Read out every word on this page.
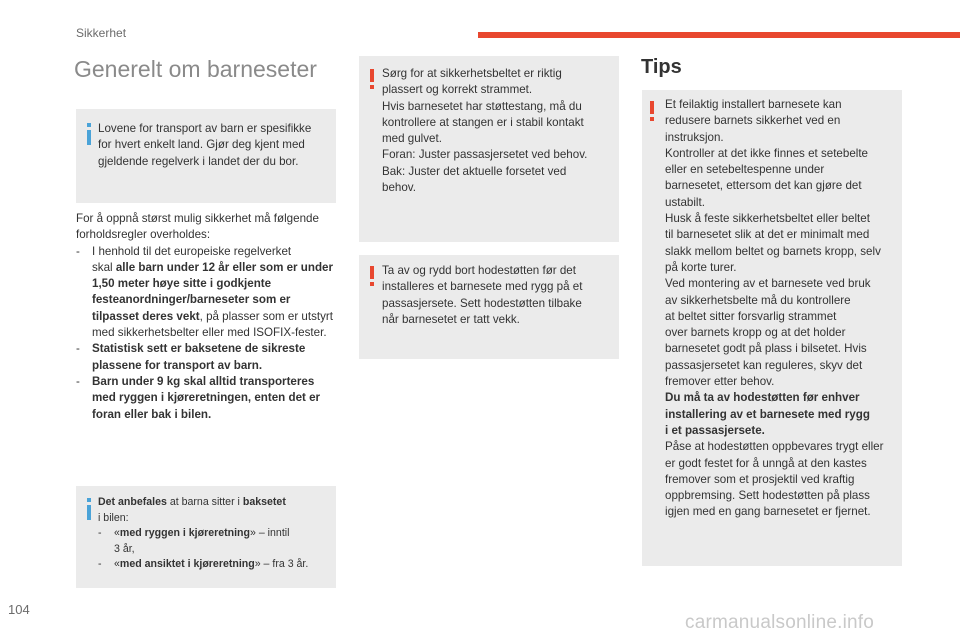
Sikkerhet
Generelt om barneseter	Tips

Lovene for transport av barn er spesifikke

for hvert enkelt land. Gjør deg kjent med

gjeldende regelverk i landet der du bor.

For å oppnå størst mulig sikkerhet må følgende

forholdsregler overholdes:

-	I henhold til det europeiske regelverket
skal alle barn under 12 år eller som er under 1,50 meter høye sitte i godkjente festeanordninger/barneseter som er tilpasset deres vekt, på plasser som er utstyrt med sikkerhetsbelter eller med ISOFIX-fester.
-	Statistisk sett er baksetene de sikreste plassene for transport av barn.
-	Barn under 9 kg skal alltid transporteres med ryggen i kjøreretningen, enten det er foran eller bak i bilen.

Det anbefales at barna sitter i baksetet

i bilen:

-	«med ryggen i kjøreretning» – inntil
3 år,
-	«med ansiktet i kjøreretning» – fra 3 år.

Sørg for at sikkerhetsbeltet er riktig

plassert og korrekt strammet.

Hvis barnesetet har støttestang, må du

kontrollere at stangen er i stabil kontakt

med gulvet.

Foran: Juster passasjersetet ved behov.

Bak: Juster det aktuelle forsetet ved

behov.

Ta av og rydd bort hodestøtten før det

installeres et barnesete med rygg på et

passasjersete. Sett hodestøtten tilbake

når barnesetet er tatt vekk.

Et feilaktig installert barnesete kan

redusere barnets sikkerhet ved en

instruksjon.

Kontroller at det ikke finnes et setebelte

eller en setebeltespenne under

barnesetet, ettersom det kan gjøre det

ustabilt.

Husk å feste sikkerhetsbeltet eller beltet

til barnesetet slik at det er minimalt med

slakk mellom beltet og barnets kropp, selv

på korte turer.

Ved montering av et barnesete ved bruk

av sikkerhetsbelte må du kontrollere

at beltet sitter forsvarlig strammet

over barnets kropp og at det holder

barnesetet godt på plass i bilsetet. Hvis

passasjersetet kan reguleres, skyv det

fremover etter behov.

Du må ta av hodestøtten før enhver

installering av et barnesete med rygg

i et passasjersete.

Påse at hodestøtten oppbevares trygt eller

er godt festet for å unngå at den kastes

fremover som et prosjektil ved kraftig

oppbremsing. Sett hodestøtten på plass

igjen med en gang barnesetet er fjernet.

104
carmanualsonline.info
